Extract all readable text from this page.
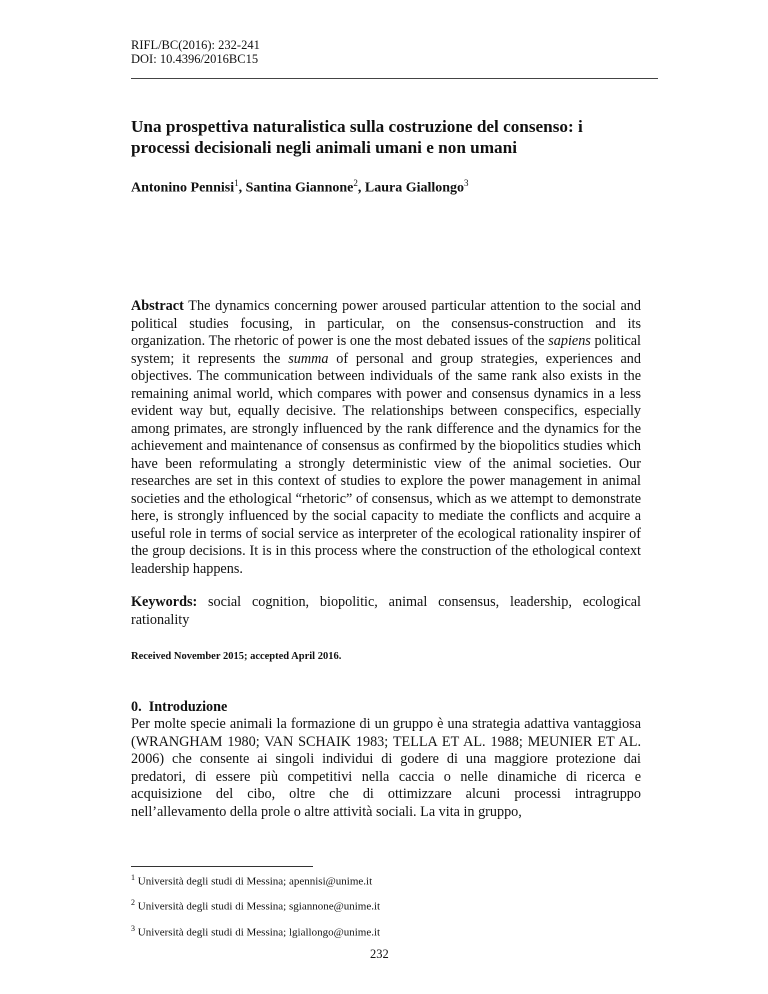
RIFL/BC(2016): 232-241
DOI: 10.4396/2016BC15
Una prospettiva naturalistica sulla costruzione del consenso: i
processi decisionali negli animali umani e non umani
Antonino Pennisi$^1$, Santina Giannone$^2$, Laura Giallongo$^3$
Abstract The dynamics concerning power aroused particular attention to the social and political studies focusing, in particular, on the consensus-construction and its organization. The rhetoric of power is one the most debated issues of the sapiens political system; it represents the summa of personal and group strategies, experiences and objectives. The communication between individuals of the same rank also exists in the remaining animal world, which compares with power and consensus dynamics in a less evident way but, equally decisive. The relationships between conspecifics, especially among primates, are strongly influenced by the rank difference and the dynamics for the achievement and maintenance of consensus as confirmed by the biopolitics studies which have been reformulating a strongly deterministic view of the animal societies. Our researches are set in this context of studies to explore the power management in animal societies and the ethological “rhetoric” of consensus, which as we attempt to demonstrate here, is strongly influenced by the social capacity to mediate the conflicts and acquire a useful role in terms of social service as interpreter of the ecological rationality inspirer of the group decisions. It is in this process where the construction of the ethological context leadership happens.
Keywords: social cognition, biopolitic, animal consensus, leadership, ecological rationality
Received November 2015; accepted April 2016.
0.  Introduzione
Per molte specie animali la formazione di un gruppo è una strategia adattiva vantaggiosa (WRANGHAM 1980; VAN SCHAIK 1983; TELLA ET AL. 1988; MEUNIER ET AL. 2006) che consente ai singoli individui di godere di una maggiore protezione dai predatori, di essere più competitivi nella caccia o nelle dinamiche di ricerca e acquisizione del cibo, oltre che di ottimizzare alcuni processi intragruppo nell’allevamento della prole o altre attività sociali. La vita in gruppo,
$^1$ Università degli studi di Messina; apennisi@unime.it
$^2$ Università degli studi di Messina; sgiannone@unime.it
$^3$ Università degli studi di Messina; lgiallongo@unime.it
232
